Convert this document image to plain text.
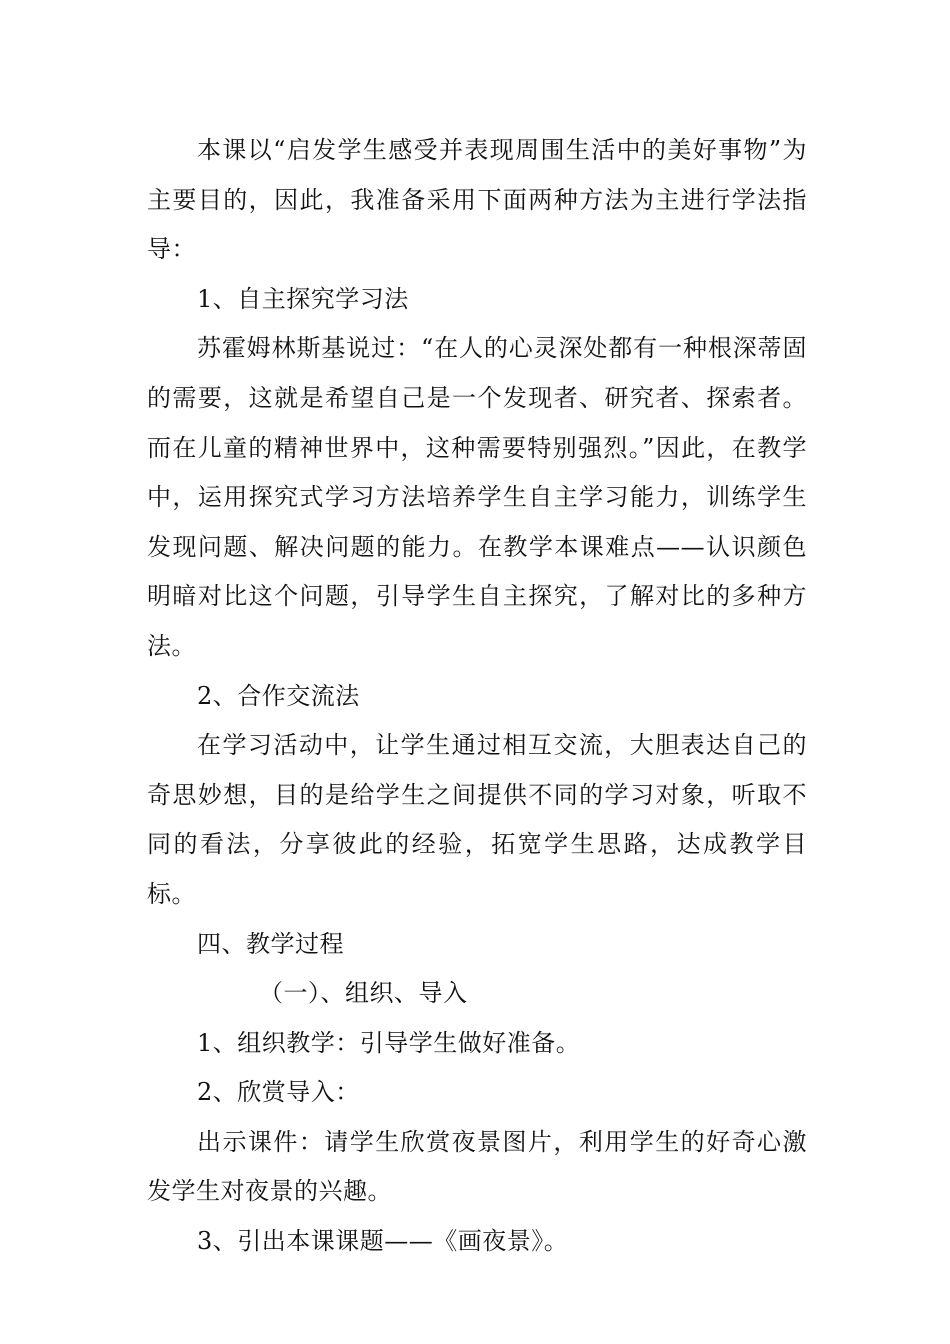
本课以“启发学生感受并表现周围生活中的美好事物”为主要目的，因此，我准备采用下面两种方法为主进行学法指导：

1、自主探究学习法

苏霍姆林斯基说过：“在人的心灵深处都有一种根深蒂固的需要，这就是希望自己是一个发现者、研究者、探索者。而在儿童的精神世界中，这种需要特别强烈。”因此，在教学中，运用探究式学习方法培养学生自主学习能力，训练学生发现问题、解决问题的能力。在教学本课难点——认识颜色明暗对比这个问题，引导学生自主探究，了解对比的多种方法。

2、合作交流法

在学习活动中，让学生通过相互交流，大胆表达自己的奇思妙想，目的是给学生之间提供不同的学习对象，听取不同的看法，分享彼此的经验，拓宽学生思路，达成教学目标。

四、教学过程

（一）、组织、导入

1、组织教学：引导学生做好准备。

2、欣赏导入：

出示课件：请学生欣赏夜景图片，利用学生的好奇心激发学生对夜景的兴趣。

3、引出本课课题——《画夜景》。
